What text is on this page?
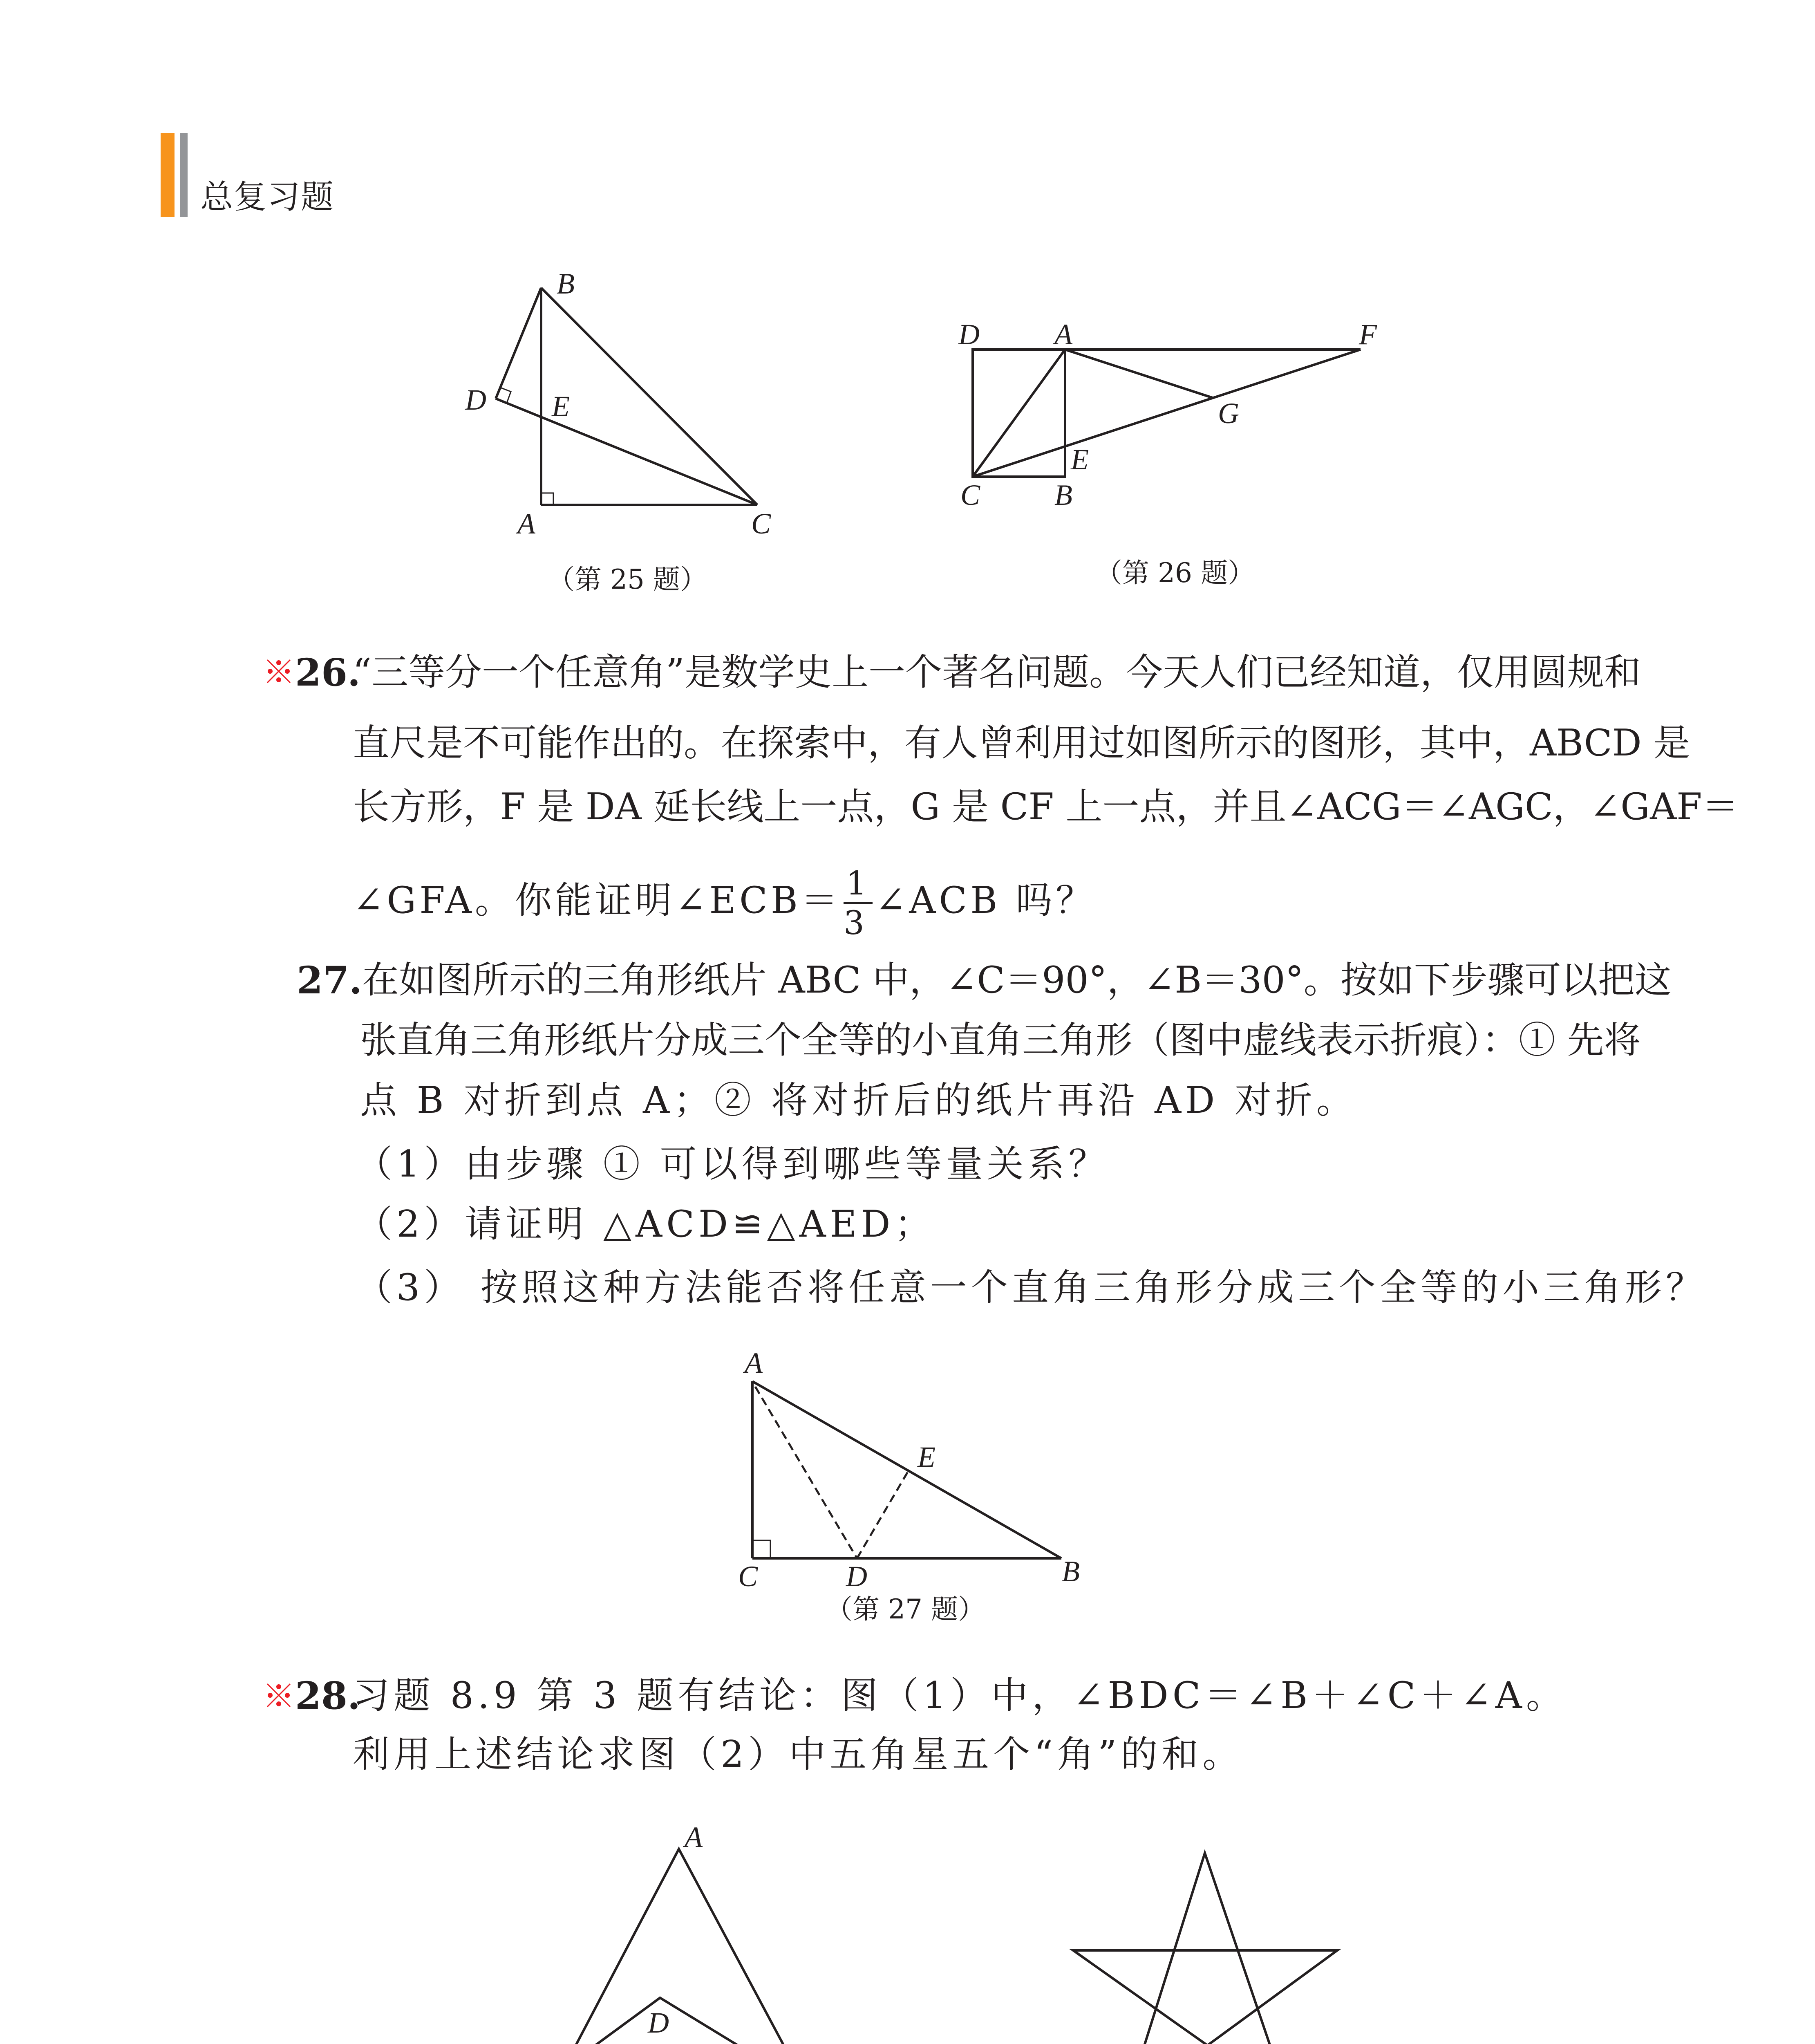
总复习题
B
D E
A	C
（第 25 题）
D	A	F
G
E
C	B
（第 26 题）
26.
“三等分一个任意角”是数学史上一个著名问题。今天人们已经知道，仅用圆规和
直尺是不可能作出的。在探索中，有人曾利用过如图所示的图形，其中，ABCD 是
长方形，F 是 DA 延长线上一点，G 是 CF 上一点，并且∠ACG＝∠AGC，∠GAF＝
∠GFA。你能证明∠ECB＝ $\frac{1}{3}$ ∠ACB 吗？
27. 在如图所示的三角形纸片 ABC 中，∠C＝90°，∠B＝30°。按如下步骤可以把这
张直角三角形纸片分成三个全等的小直角三角形（图中虚线表示折痕）：① 先将
点 B 对折到点 A；② 将对折后的纸片再沿 AD 对折。
（1）由步骤 ① 可以得到哪些等量关系？
（2）请证明 △ACD≌△AED；
（3） 按照这种方法能否将任意一个直角三角形分成三个全等的小三角形？
A
E
C	D	B
（第 27 题）
28.
习题 8.9 第 3 题有结论：图（1）中，∠BDC＝∠B＋∠C＋∠A。
利用上述结论求图（2）中五角星五个“角”的和。
A
D
